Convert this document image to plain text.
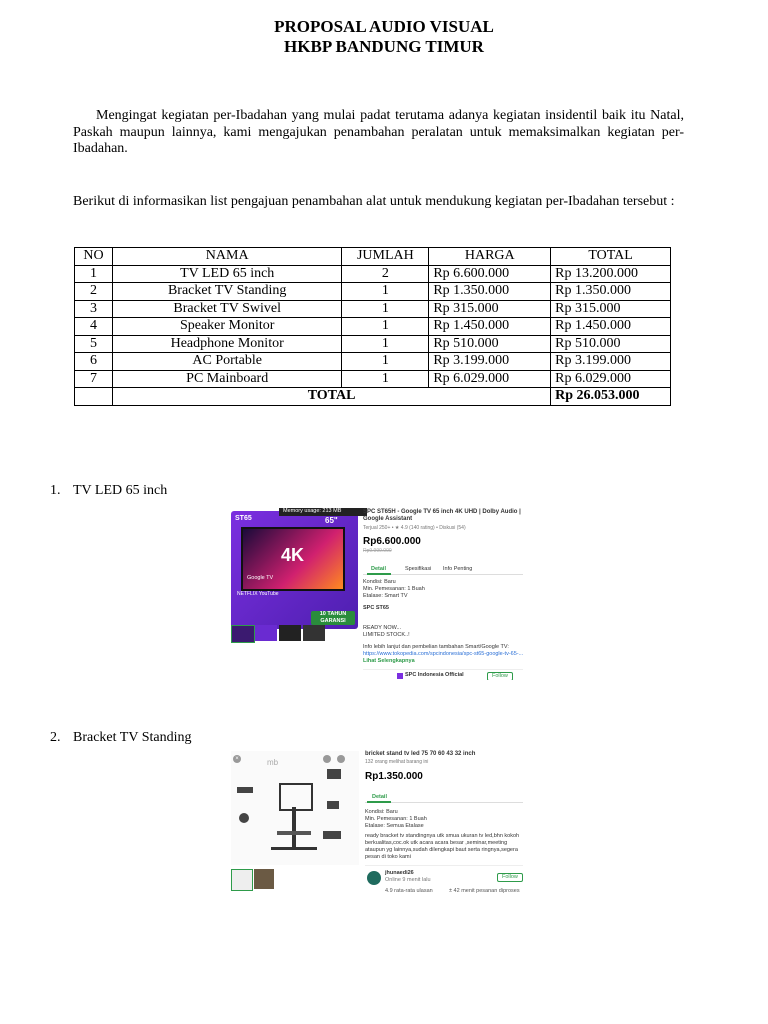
PROPOSAL AUDIO VISUAL
HKBP BANDUNG TIMUR
Mengingat kegiatan per-Ibadahan yang mulai padat terutama adanya kegiatan insidentil baik itu Natal, Paskah maupun lainnya, kami mengajukan penambahan peralatan untuk memaksimalkan kegiatan per-Ibadahan.
Berikut di informasikan list pengajuan penambahan alat untuk mendukung kegiatan per-Ibadahan tersebut :
NO	NAMA	JUMLAH	HARGA	TOTAL
1	TV LED 65 inch	2	Rp 6.600.000	Rp 13.200.000
2	Bracket TV Standing	1	Rp 1.350.000	Rp 1.350.000
3	Bracket TV Swivel	1	Rp 315.000	Rp 315.000
4	Speaker Monitor	1	Rp 1.450.000	Rp 1.450.000
5	Headphone Monitor	1	Rp 510.000	Rp 510.000
6	AC Portable	1	Rp 3.199.000	Rp 3.199.000
7	PC Mainboard	1	Rp 6.029.000	Rp 6.029.000
	TOTAL			Rp 26.053.000
1. TV LED 65 inch
ST65
4K
Google TV
65"
NETFLIX YouTube
10 TAHUN GARANSI
Memory usage: 213 MB	SPC ST65H - Google TV 65 inch 4K UHD | Dolby Audio | Google Assistant
Terjual 250+ • ★ 4.9 (140 rating) • Diskusi (54)
Rp6.600.000
Rp9.999.000
Detail	Spesifikasi Info Penting
Kondisi: Baru
Min. Pemesanan: 1 Buah
Etalase: Smart TV
SPC ST65
READY NOW...
LIMITED STOCK..!
Info lebih lanjut dan pembelian tambahan Smart/Google TV:
https://www.tokopedia.com/spcindonesia/spc-st65-google-tv-65-...
Lihat Selengkapnya
SPC Indonesia Official	Follow
2. Bracket TV Standing
×	mb
bricket stand tv led 75 70 60 43 32 inch
132 orang melihat barang ini
Rp1.350.000
Detail
Kondisi: Baru
Min. Pemesanan: 1 Buah
Etalase: Semua Etalase
ready bracket tv standingnya utk smua ukuran tv led,bhn kokoh berkualitas,coc.ok utk acara acara besar ,seminar,meeting ataupun yg lainnya,sudah dilengkapi baut serta ringnya,segera pesan di toko kami
jhunaedi26
Online 9 menit lalu
4.9 rata-rata ulasan	± 42 menit pesanan diproses
Follow
